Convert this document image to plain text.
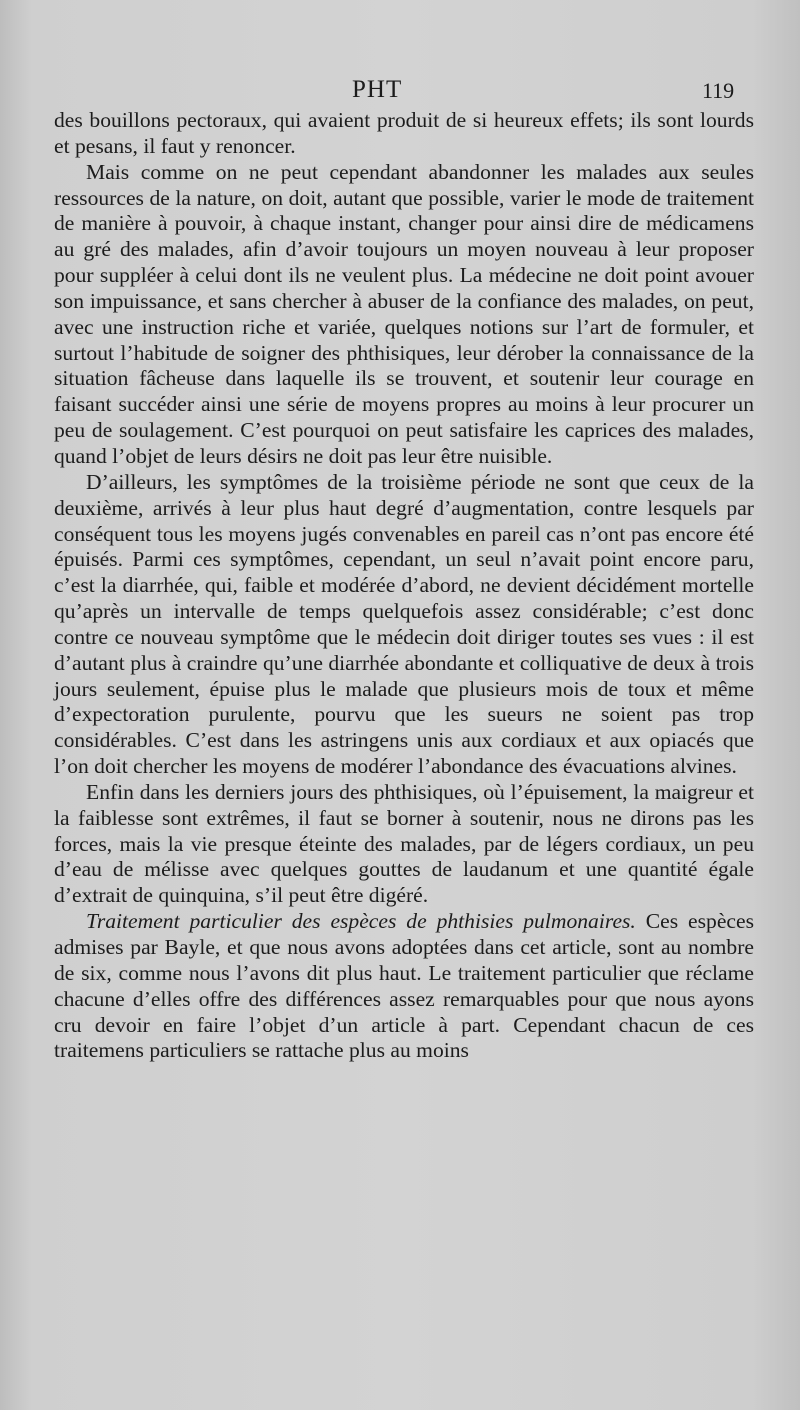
PHT	119

des bouillons pectoraux, qui avaient produit de si heureux effets; ils sont lourds et pesans, il faut y renoncer.

Mais comme on ne peut cependant abandonner les malades aux seules ressources de la nature, on doit, autant que possible, varier le mode de traitement de manière à pouvoir, à chaque instant, changer pour ainsi dire de médicamens au gré des malades, afin d’avoir toujours un moyen nouveau à leur proposer pour suppléer à celui dont ils ne veulent plus. La médecine ne doit point avouer son impuissance, et sans chercher à abuser de la confiance des malades, on peut, avec une instruction riche et variée, quelques notions sur l’art de formuler, et surtout l’habitude de soigner des phthisiques, leur dérober la connaissance de la situation fâcheuse dans laquelle ils se trouvent, et soutenir leur courage en faisant succéder ainsi une série de moyens propres au moins à leur procurer un peu de soulagement. C’est pourquoi on peut satisfaire les caprices des malades, quand l’objet de leurs désirs ne doit pas leur être nuisible.

D’ailleurs, les symptômes de la troisième période ne sont que ceux de la deuxième, arrivés à leur plus haut degré d’augmentation, contre lesquels par conséquent tous les moyens jugés convenables en pareil cas n’ont pas encore été épuisés. Parmi ces symptômes, cependant, un seul n’avait point encore paru, c’est la diarrhée, qui, faible et modérée d’abord, ne devient décidément mortelle qu’après un intervalle de temps quelquefois assez considérable; c’est donc contre ce nouveau symptôme que le médecin doit diriger toutes ses vues : il est d’autant plus à craindre qu’une diarrhée abondante et colliquative de deux à trois jours seulement, épuise plus le malade que plusieurs mois de toux et même d’expectoration purulente, pourvu que les sueurs ne soient pas trop considérables. C’est dans les astringens unis aux cordiaux et aux opiacés que l’on doit chercher les moyens de modérer l’abondance des évacuations alvines.

Enfin dans les derniers jours des phthisiques, où l’épuisement, la maigreur et la faiblesse sont extrêmes, il faut se borner à soutenir, nous ne dirons pas les forces, mais la vie presque éteinte des malades, par de légers cordiaux, un peu d’eau de mélisse avec quelques gouttes de laudanum et une quantité égale d’extrait de quinquina, s’il peut être digéré.

Traitement particulier des espèces de phthisies pulmonaires. Ces espèces admises par Bayle, et que nous avons adoptées dans cet article, sont au nombre de six, comme nous l’avons dit plus haut. Le traitement particulier que réclame chacune d’elles offre des différences assez remarquables pour que nous ayons cru devoir en faire l’objet d’un article à part. Cependant chacun de ces traitemens particuliers se rattache plus au moins
